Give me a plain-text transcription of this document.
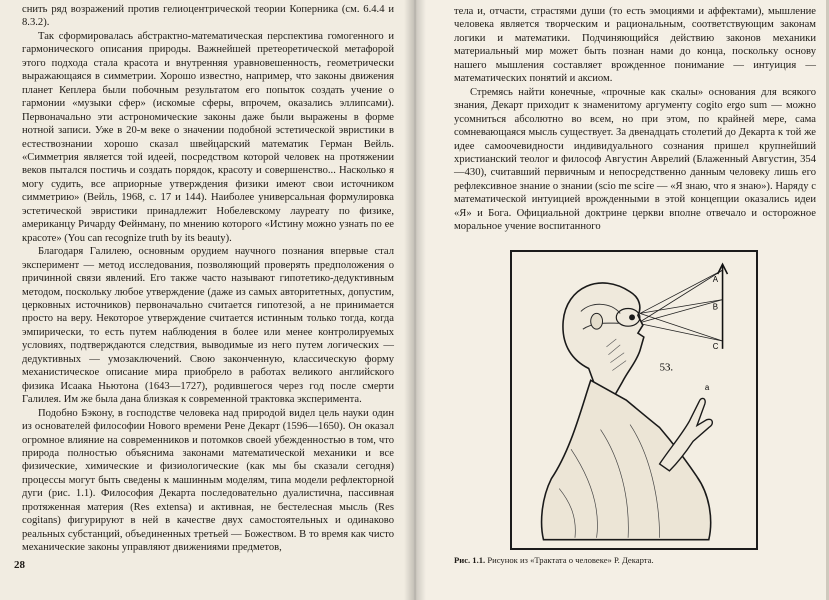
снить ряд возражений против гелиоцентрической теории Коперника (см. 6.4.4 и 8.3.2).

Так сформировалась абстрактно-математическая перспектива гомогенного и гармонического описания природы. Важнейшей претеоретической метафорой этого подхода стала красота и внутренняя уравновешенность, геометрически выражающаяся в симметрии. Хорошо известно, например, что законы движения планет Кеплера были побочным результатом его попыток создать учение о гармонии «музыки сфер» (искомые сферы, впрочем, оказались эллипсами). Первоначально эти астрономические законы даже были выражены в форме нотной записи. Уже в 20-м веке о значении подобной эстетической эвристики в естествознании хорошо сказал швейцарский математик Герман Вейль. «Симметрия является той идеей, посредством которой человек на протяжении веков пытался постичь и создать порядок, красоту и совершенство... Насколько я могу судить, все априорные утверждения физики имеют свои источником симметрию» (Вейль, 1968, с. 17 и 144). Наиболее универсальная формулировка эстетической эвристики принадлежит Нобелевскому лауреату по физике, американцу Ричарду Фейнману, по мнению которого «Истину можно узнать по ее красоте» (You can recognize truth by its beauty).

Благодаря Галилею, основным орудием научного познания впервые стал эксперимент — метод исследования, позволяющий проверять предположения о причинной связи явлений. Его также часто называют гипотетико-дедуктивным методом, поскольку любое утверждение (даже из самых авторитетных, допустим, церковных источников) первоначально считается гипотезой, а не принимается просто на веру. Некоторое утверждение считается истинным только тогда, когда эмпирически, то есть путем наблюдения в более или менее контролируемых условиях, подтверждаются следствия, выводимые из него путем логических — дедуктивных — умозаключений. Свою законченную, классическую форму механистическое описание мира приобрело в работах великого английского физика Исаака Ньютона (1643—1727), родившегося через год после смерти Галилея. Им же была дана близкая к современной трактовка эксперимента.

Подобно Бэкону, в господстве человека над природой видел цель науки один из основателей философии Нового времени Рене Декарт (1596—1650). Он оказал огромное влияние на современников и потомков своей убежденностью в том, что природа полностью объяснима законами математической механики и все физические, химические и физиологические (как мы бы сказали сегодня) процессы могут быть сведены к машинным моделям, типа модели рефлекторной дуги (рис. 1.1). Философия Декарта последовательно дуалистична, пассивная протяженная материя (Res extensa) и активная, не бестелесная мысль (Res cogitans) фигурируют в ней в качестве двух самостоятельных и одинаково реальных субстанций, объединенных третьей — Божеством. В то время как чисто механические законы управляют движениями предметов,

28

тела и, отчасти, страстями души (то есть эмоциями и аффектами), мышление человека является творческим и рациональным, соответствующим законам логики и математики. Подчиняющийся действию законов механики материальный мир может быть познан нами до конца, поскольку основу нашего мышления составляет врожденное понимание — интуиция — математических понятий и аксиом.

Стремясь найти конечные, «прочные как скалы» основания для всякого знания, Декарт приходит к знаменитому аргументу cogito ergo sum — можно усомниться абсолютно во всем, но при этом, по крайней мере, сама сомневающаяся мысль существует. За двенадцать столетий до Декарта к той же идее самоочевидности индивидуального сознания пришел крупнейший христианский теолог и философ Августин Аврелий (Блаженный Августин, 354—430), считавший первичным и непосредственно данным человеку лишь его рефлексивное знание о знании (scio me scire — «Я знаю, что я знаю»). Наряду с математической интуицией врожденными в этой концепции оказались идеи «Я» и Бога. Официальной доктрине церкви вполне отвечало и осторожное моральное учение воспитанного

A
B
C
a
53.
Рис. 1.1. Рисунок из «Трактата о человеке» Р. Декарта.
